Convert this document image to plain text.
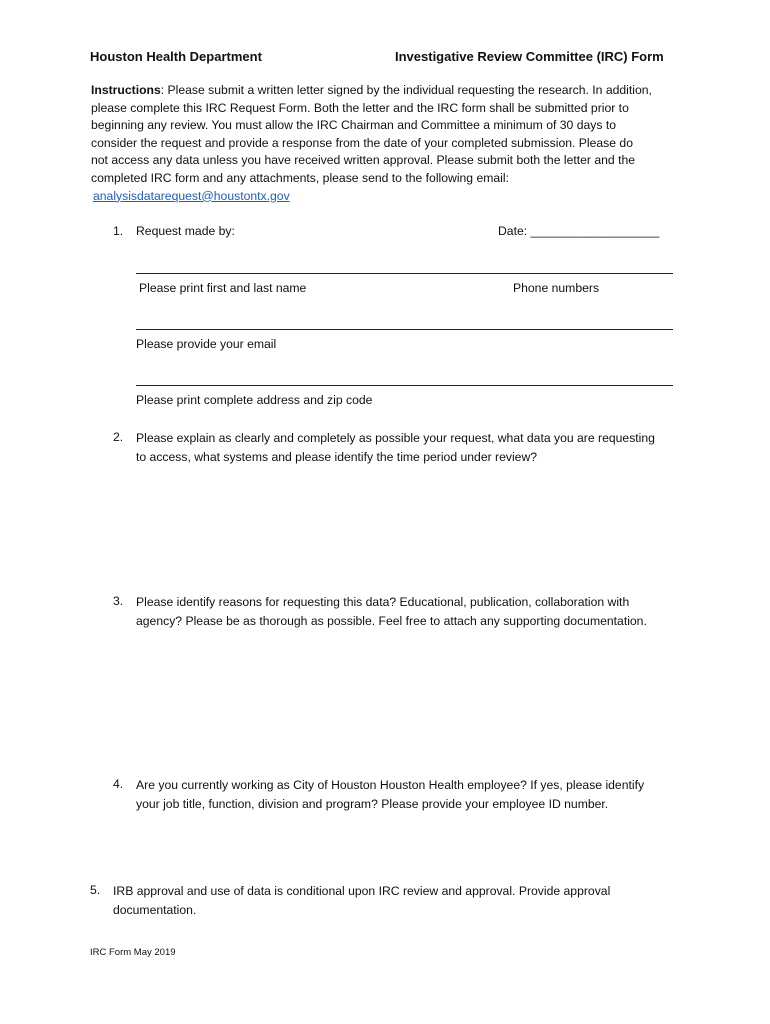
Houston Health Department	Investigative Review Committee (IRC) Form
Instructions: Please submit a written letter signed by the individual requesting the research. In addition,
please complete this IRC Request Form. Both the letter and the IRC form shall be submitted prior to
beginning any review. You must allow the IRC Chairman and Committee a minimum of 30 days to
consider the request and provide a response from the date of your completed submission. Please do
not access any data unless you have received written approval. Please submit both the letter and the
completed IRC form and any attachments, please send to the following email:
analysisdatarequest@houstontx.gov
1. Request made by:	Date: ___________________
Please print first and last name	Phone numbers
Please provide your email
Please print complete address and zip code
2. Please explain as clearly and completely as possible your request, what data you are requesting
to access, what systems and please identify the time period under review?
3. Please identify reasons for requesting this data? Educational, publication, collaboration with
agency? Please be as thorough as possible. Feel free to attach any supporting documentation.
4. Are you currently working as City of Houston Houston Health employee? If yes, please identify
your job title, function, division and program? Please provide your employee ID number.
5. IRB approval and use of data is conditional upon IRC review and approval. Provide approval
documentation.
IRC Form May 2019
